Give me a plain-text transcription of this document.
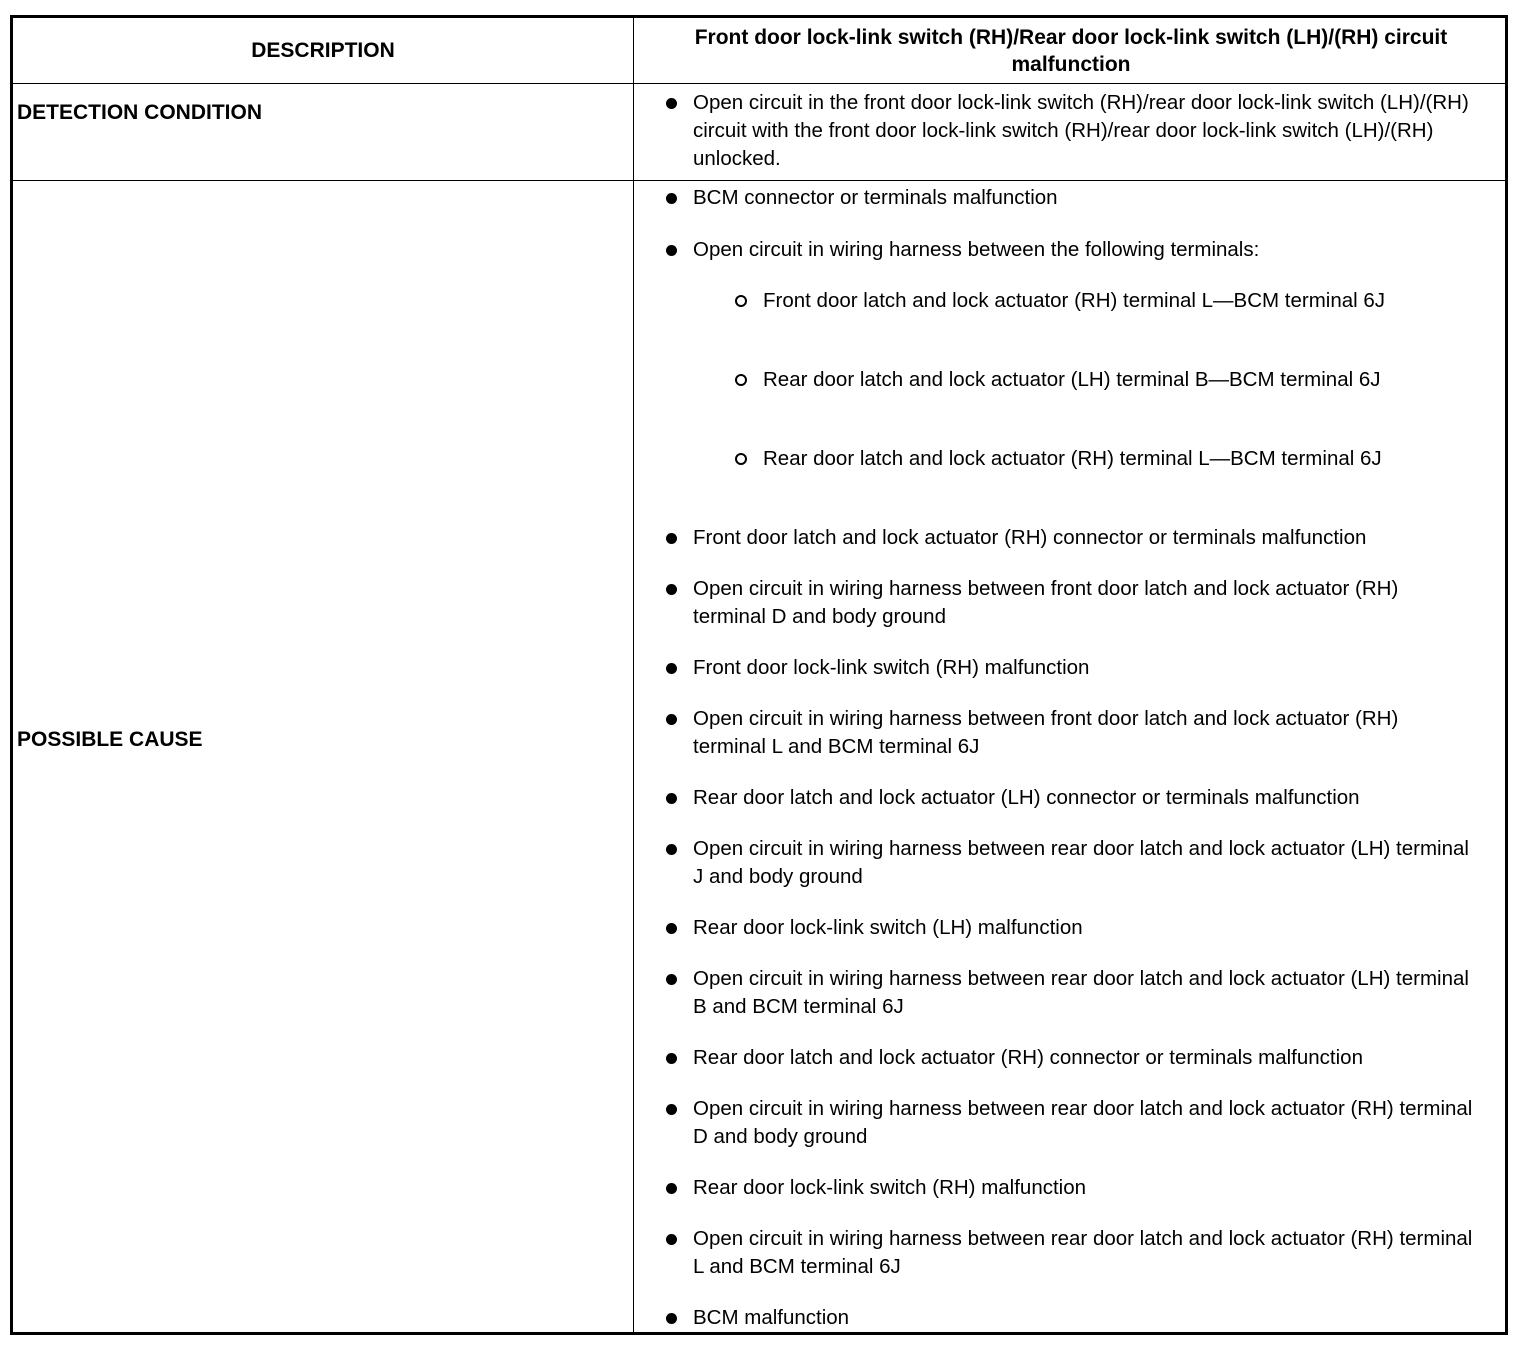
DESCRIPTION
Front door lock-link switch (RH)/Rear door lock-link switch (LH)/(RH) circuit malfunction
DETECTION CONDITION
POSSIBLE CAUSE
Open circuit in the front door lock-link switch (RH)/rear door lock-link switch (LH)/(RH) circuit with the front door lock-link switch (RH)/rear door lock-link switch (LH)/(RH) unlocked.
BCM connector or terminals malfunction
Open circuit in wiring harness between the following terminals:
Front door latch and lock actuator (RH) terminal L—BCM terminal 6J
Rear door latch and lock actuator (LH) terminal B—BCM terminal 6J
Rear door latch and lock actuator (RH) terminal L—BCM terminal 6J
Front door latch and lock actuator (RH) connector or terminals malfunction
Open circuit in wiring harness between front door latch and lock actuator (RH) terminal D and body ground
Front door lock-link switch (RH) malfunction
Open circuit in wiring harness between front door latch and lock actuator (RH) terminal L and BCM terminal 6J
Rear door latch and lock actuator (LH) connector or terminals malfunction
Open circuit in wiring harness between rear door latch and lock actuator (LH) terminal J and body ground
Rear door lock-link switch (LH) malfunction
Open circuit in wiring harness between rear door latch and lock actuator (LH) terminal B and BCM terminal 6J
Rear door latch and lock actuator (RH) connector or terminals malfunction
Open circuit in wiring harness between rear door latch and lock actuator (RH) terminal D and body ground
Rear door lock-link switch (RH) malfunction
Open circuit in wiring harness between rear door latch and lock actuator (RH) terminal L and BCM terminal 6J
BCM malfunction
